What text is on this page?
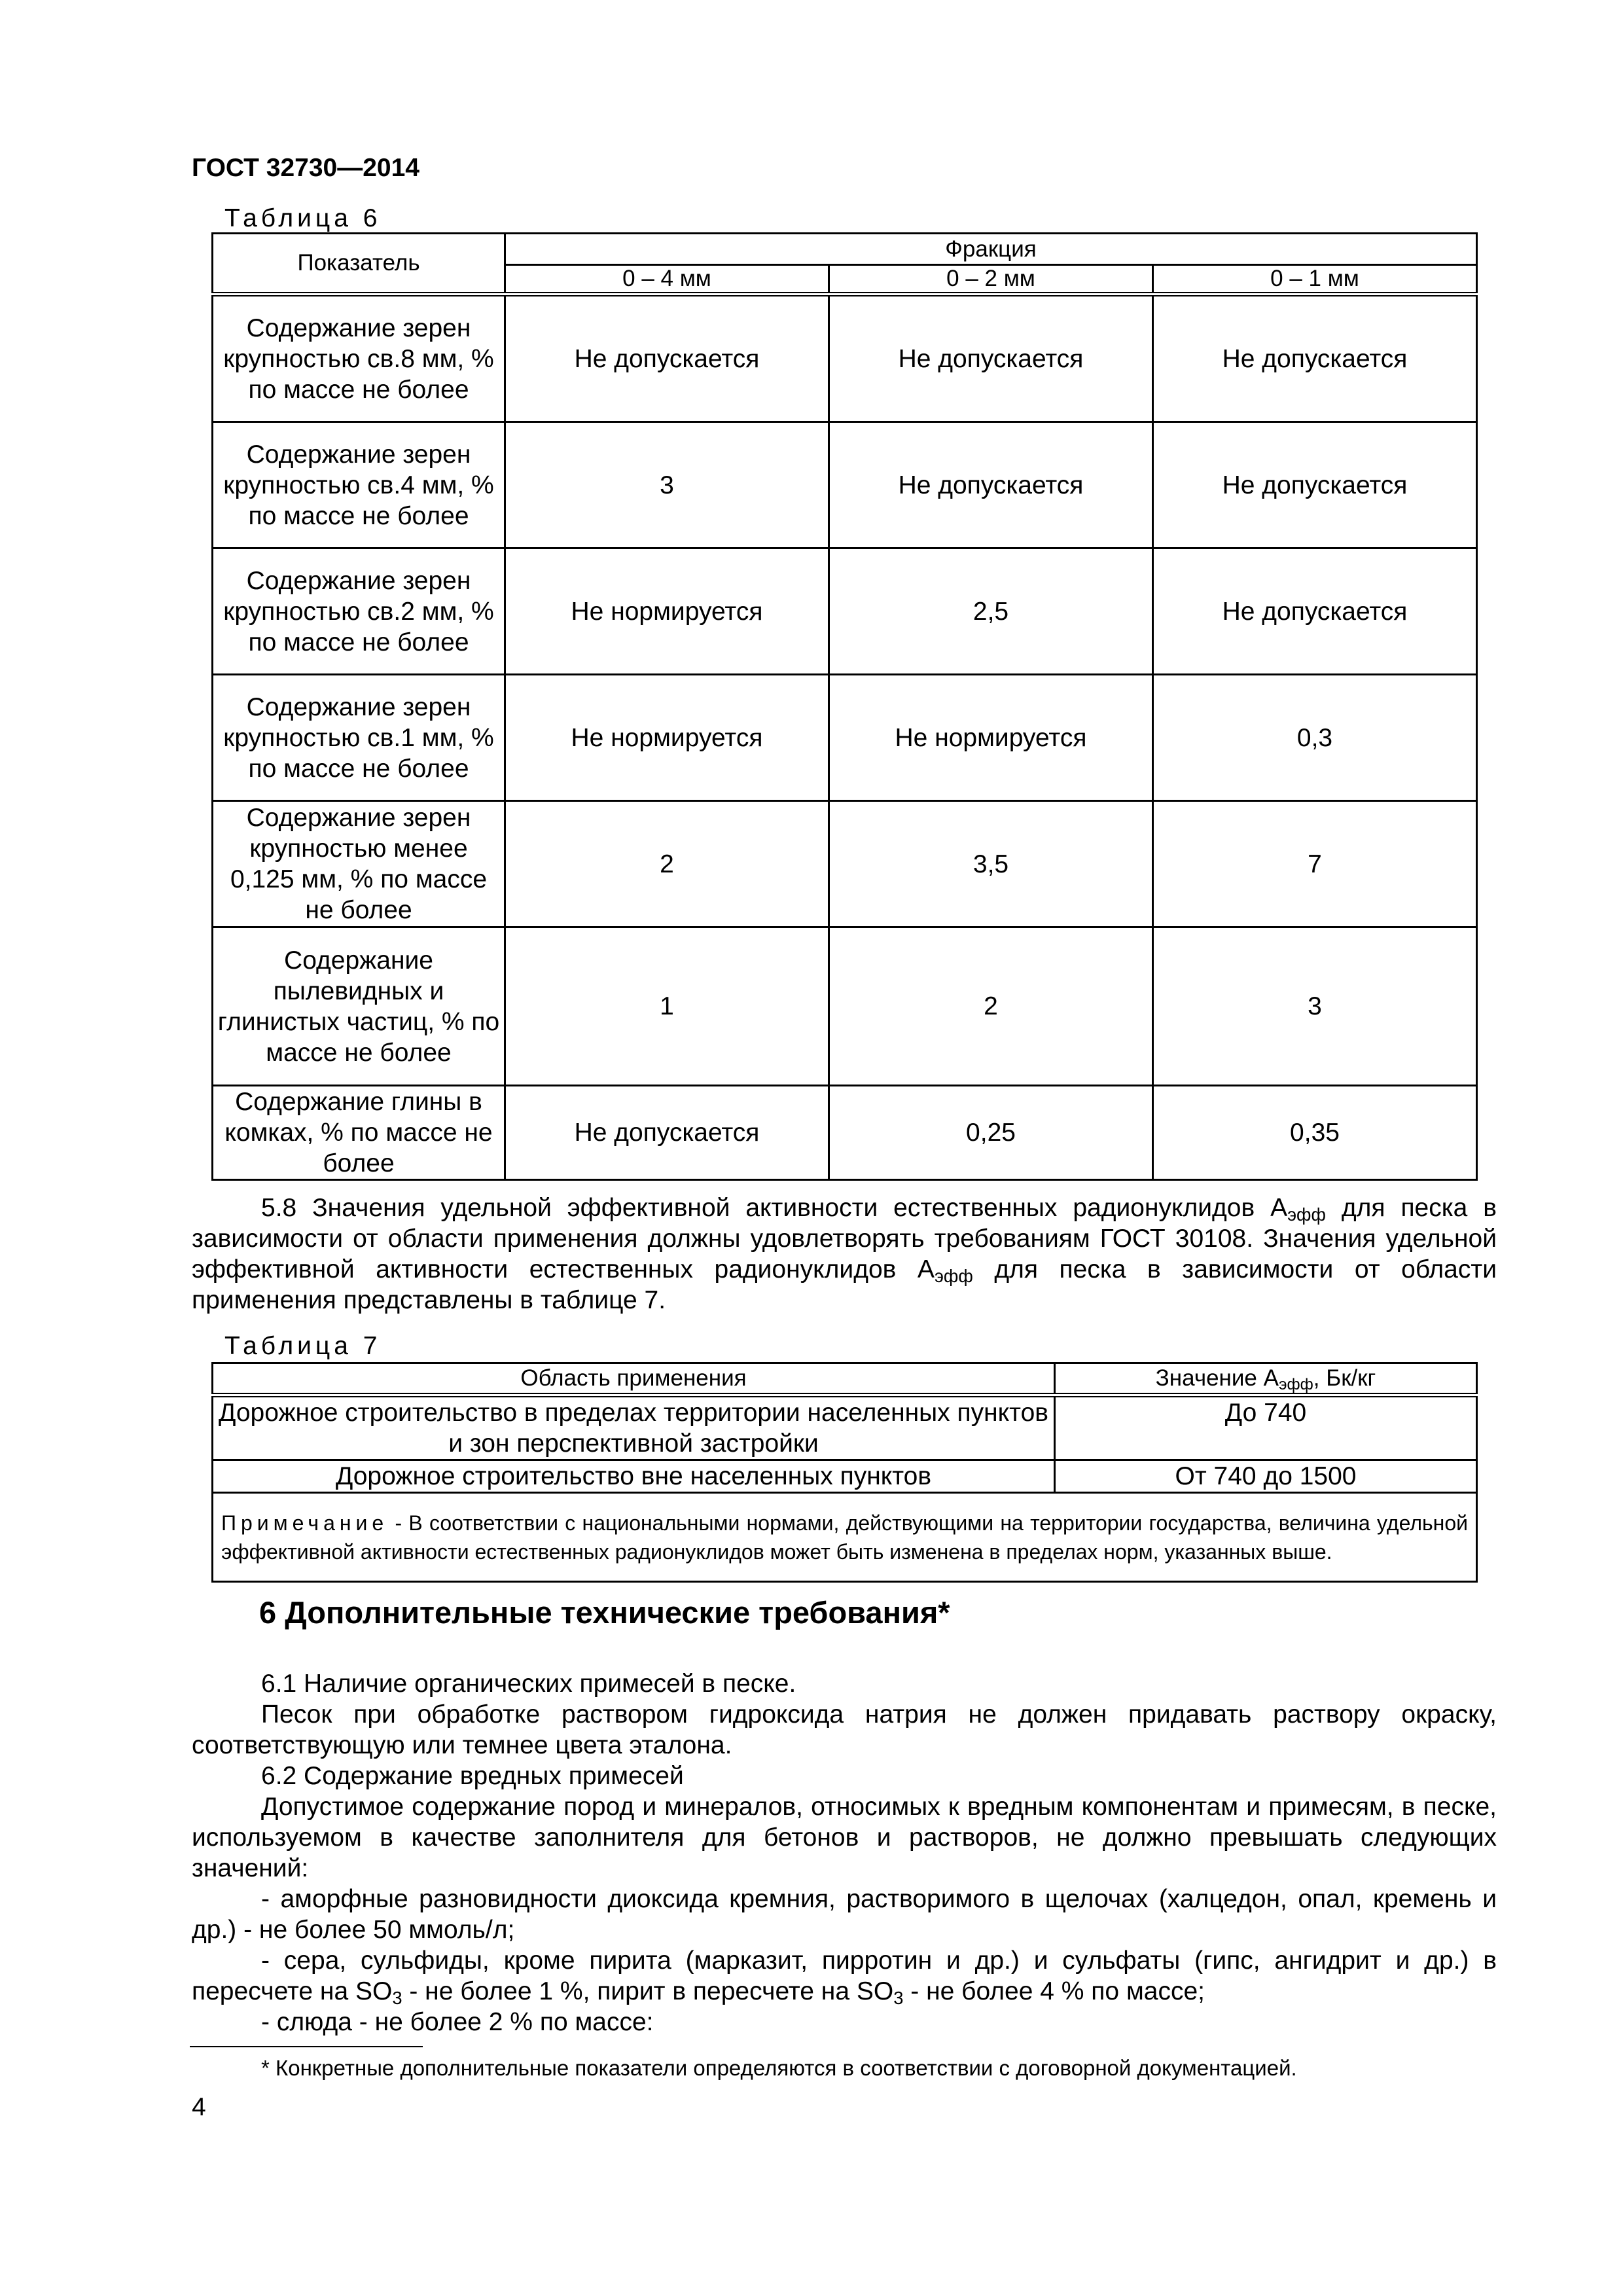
ГОСТ 32730—2014
Таблица 6
Показатель	Фракция		
	0 – 4 мм	0 – 2 мм	0 – 1 мм
Содержание зерен крупностью св.8 мм, % по массе не более	Не допускается	Не допускается	Не допускается
Содержание зерен крупностью св.4 мм, % по массе не более	3	Не допускается	Не допускается
Содержание зерен крупностью св.2 мм, % по массе не более	Не нормируется	2,5	Не допускается
Содержание зерен крупностью св.1 мм, % по массе не более	Не нормируется	Не нормируется	0,3
Содержание зерен крупностью менее 0,125 мм, % по массе не более	2	3,5	7
Содержание пылевидных и глинистых частиц, % по массе не более	1	2	3
Содержание глины в комках, % по массе не более	Не допускается	0,25	0,35

5.8 Значения удельной эффективной активности естественных радионуклидов $А_{эфф}$ для песка в зависимости от области применения должны удовлетворять требованиям ГОСТ 30108. Значения удельной эффективной активности естественных радионуклидов $А_{эфф}$ для песка в зависимости от области применения представлены в таблице 7.

Таблица 7
Область применения	Значение $А_{эфф}$, Бк/кг
Дорожное строительство в пределах территории населенных пунктов и зон перспективной застройки	До 740
Дорожное строительство вне населенных пунктов	От 740 до 1500
Примечание - В соответствии с национальными нормами, действующими на территории государства, величина удельной эффективной активности естественных радионуклидов может быть изменена в пределах норм, указанных выше.	
6 Дополнительные технические требования*

6.1 Наличие органических примесей в песке.

Песок при обработке раствором гидроксида натрия не должен придавать раствору окраску, соответствующую или темнее цвета эталона.

6.2 Содержание вредных примесей

Допустимое содержание пород и минералов, относимых к вредным компонентам и примесям, в песке, используемом в качестве заполнителя для бетонов и растворов, не должно превышать следующих значений:

- аморфные разновидности диоксида кремния, растворимого в щелочах (халцедон, опал, кремень и др.) - не более 50 ммоль/л;

- сера, сульфиды, кроме пирита (марказит, пирротин и др.) и сульфаты (гипс, ангидрит и др.) в пересчете на $SO_3$ - не более 1 %, пирит в пересчете на $SO_3$ - не более 4 % по массе;

- слюда - не более 2 % по массе:

* Конкретные дополнительные показатели определяются в соответствии с договорной документацией.
4
